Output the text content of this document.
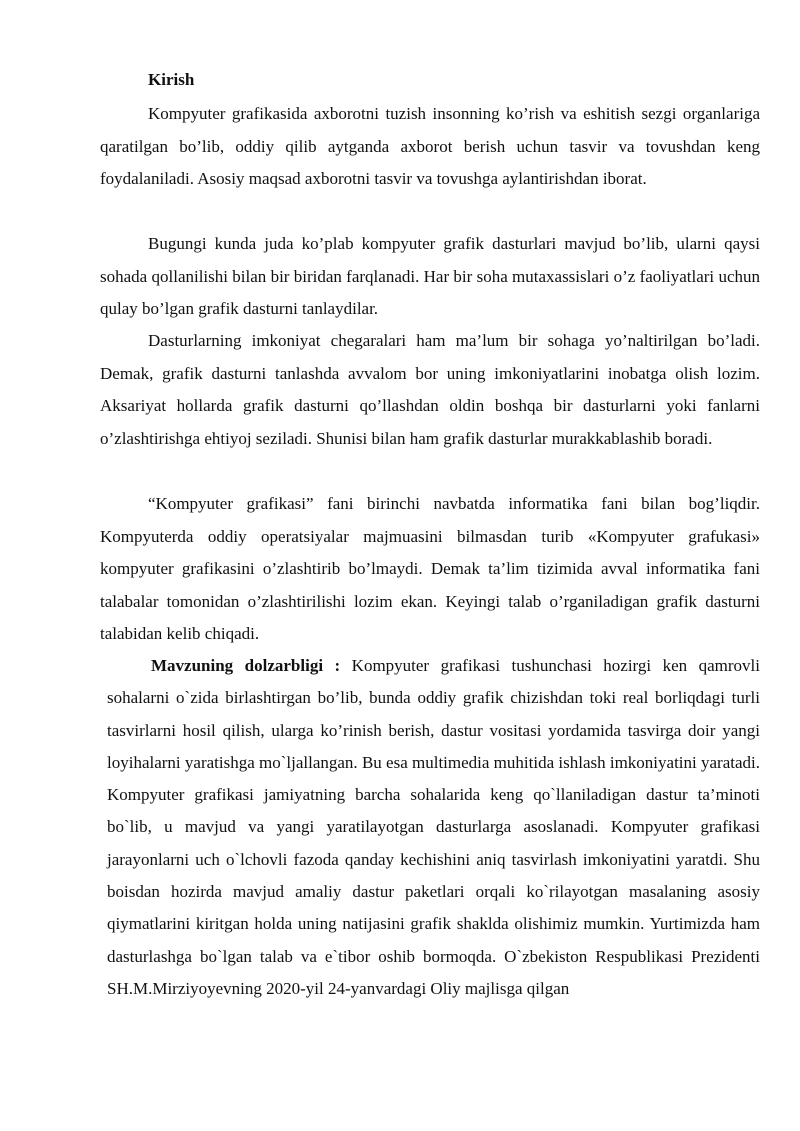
Kirish

Kompyuter grafikasida axborotni tuzish insonning ko’rish va eshitish sezgi organlariga qaratilgan bo’lib, oddiy qilib aytganda axborot berish uchun tasvir va tovushdan keng foydalaniladi. Asosiy maqsad axborotni tasvir va tovushga aylantirishdan iborat.

Bugungi kunda juda ko’plab kompyuter grafik dasturlari mavjud bo’lib, ularni qaysi sohada qollanilishi bilan bir biridan farqlanadi. Har bir soha mutaxassislari o’z faoliyatlari uchun qulay bo’lgan grafik dasturni tanlaydilar.

Dasturlarning imkoniyat chegaralari ham ma’lum bir sohaga yo’naltirilgan bo’ladi. Demak, grafik dasturni tanlashda avvalom bor uning imkoniyatlarini inobatga olish lozim. Aksariyat hollarda grafik dasturni qo’llashdan oldin boshqa bir dasturlarni yoki fanlarni o’zlashtirishga ehtiyoj seziladi. Shunisi bilan ham grafik dasturlar murakkablashib boradi.

“Kompyuter grafikasi” fani birinchi navbatda informatika fani bilan bog’liqdir. Kompyuterda oddiy operatsiyalar majmuasini bilmasdan turib «Kompyuter grafukasi» kompyuter grafikasini o’zlashtirib bo’lmaydi. Demak ta’lim tizimida avval informatika fani talabalar tomonidan o’zlashtirilishi lozim ekan. Keyingi talab o’rganiladigan grafik dasturni talabidan kelib chiqadi.

Mavzuning dolzarbligi : Kompyuter grafikasi tushunchasi hozirgi ken qamrovli sohalarni o`zida birlashtirgan bo’lib, bunda oddiy grafik chizishdan toki real borliqdagi turli tasvirlarni hosil qilish, ularga ko’rinish berish, dastur vositasi yordamida tasvirga doir yangi loyihalarni yaratishga mo`ljallangan. Bu esa multimedia muhitida ishlash imkoniyatini yaratadi. Kompyuter grafikasi jamiyatning barcha sohalarida keng qo`llaniladigan dastur ta’minoti bo`lib, u mavjud va yangi yaratilayotgan dasturlarga asoslanadi. Kompyuter grafikasi jarayonlarni uch o`lchovli fazoda qanday kechishini aniq tasvirlash imkoniyatini yaratdi. Shu boisdan hozirda mavjud amaliy dastur paketlari orqali ko`rilayotgan masalaning asosiy qiymatlarini kiritgan holda uning natijasini grafik shaklda olishimiz mumkin. Yurtimizda ham dasturlashga bo`lgan talab va e`tibor oshib bormoqda. O`zbekiston Respublikasi Prezidenti SH.M.Mirziyoyevning 2020-yil 24-yanvardagi Oliy majlisga qilgan
